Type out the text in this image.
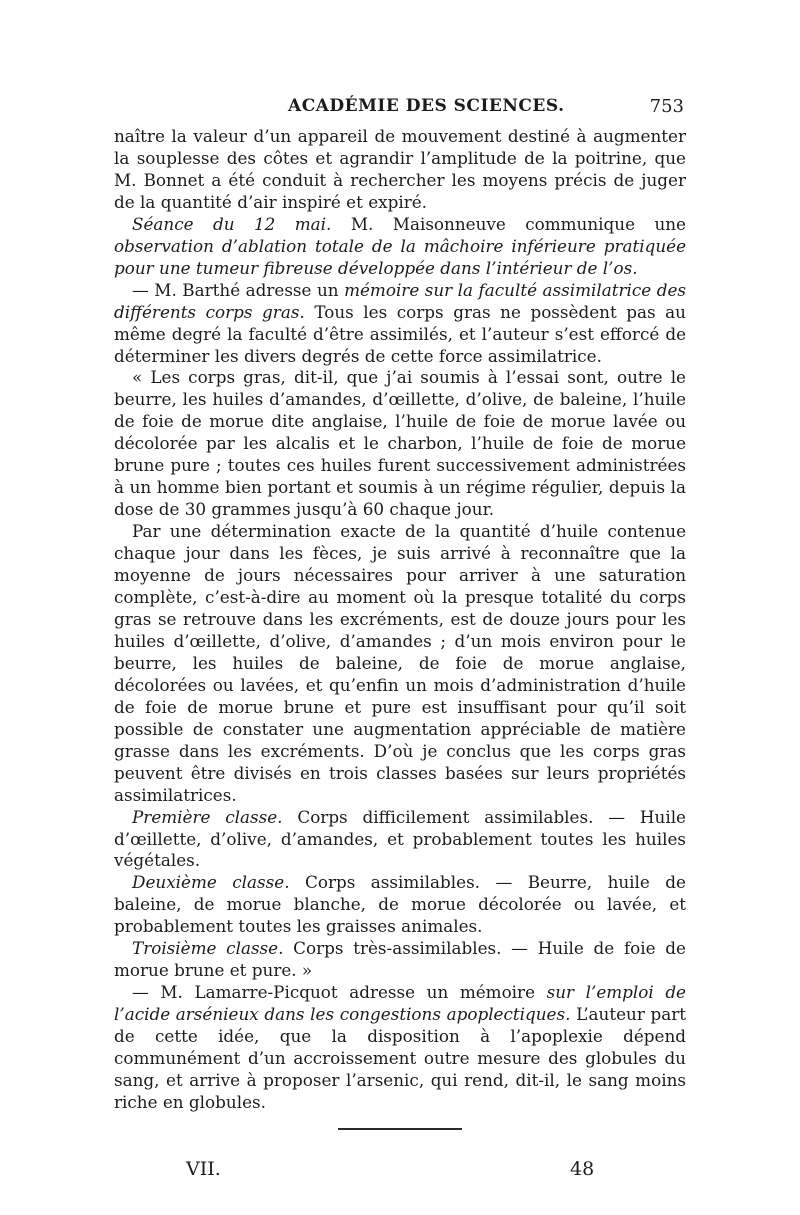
ACADÉMIE DES SCIENCES.	753

naître la valeur d’un appareil de mouvement destiné à augmenter la souplesse des côtes et agrandir l’amplitude de la poitrine, que M. Bonnet a été conduit à rechercher les moyens précis de juger de la quantité d’air inspiré et expiré.

Séance du 12 mai. M. Maisonneuve communique une observation d’ablation totale de la mâchoire inférieure pratiquée pour une tumeur fibreuse développée dans l’intérieur de l’os.

— M. Barthé adresse un mémoire sur la faculté assimilatrice des différents corps gras. Tous les corps gras ne possèdent pas au même degré la faculté d’être assimilés, et l’auteur s’est efforcé de déterminer les divers degrés de cette force assimilatrice.

« Les corps gras, dit-il, que j’ai soumis à l’essai sont, outre le beurre, les huiles d’amandes, d’œillette, d’olive, de baleine, l’huile de foie de morue dite anglaise, l’huile de foie de morue lavée ou décolorée par les alcalis et le charbon, l’huile de foie de morue brune pure ; toutes ces huiles furent successivement administrées à un homme bien portant et soumis à un régime régulier, depuis la dose de 30 grammes jusqu’à 60 chaque jour.

Par une détermination exacte de la quantité d’huile contenue chaque jour dans les fèces, je suis arrivé à reconnaître que la moyenne de jours nécessaires pour arriver à une saturation complète, c’est-à-dire au moment où la presque totalité du corps gras se retrouve dans les excréments, est de douze jours pour les huiles d’œillette, d’olive, d’amandes ; d’un mois environ pour le beurre, les huiles de baleine, de foie de morue anglaise, décolorées ou lavées, et qu’enfin un mois d’administration d’huile de foie de morue brune et pure est insuffisant pour qu’il soit possible de constater une augmentation appréciable de matière grasse dans les excréments. D’où je conclus que les corps gras peuvent être divisés en trois classes basées sur leurs propriétés assimilatrices.

Première classe. Corps difficilement assimilables. — Huile d’œillette, d’olive, d’amandes, et probablement toutes les huiles végétales.

Deuxième classe. Corps assimilables. — Beurre, huile de baleine, de morue blanche, de morue décolorée ou lavée, et probablement toutes les graisses animales.

Troisième classe. Corps très-assimilables. — Huile de foie de morue brune et pure. »

— M. Lamarre-Picquot adresse un mémoire sur l’emploi de l’acide arsénieux dans les congestions apoplectiques. L’auteur part de cette idée, que la disposition à l’apoplexie dépend communément d’un accroissement outre mesure des globules du sang, et arrive à proposer l’arsenic, qui rend, dit-il, le sang moins riche en globules.

VII.	48
